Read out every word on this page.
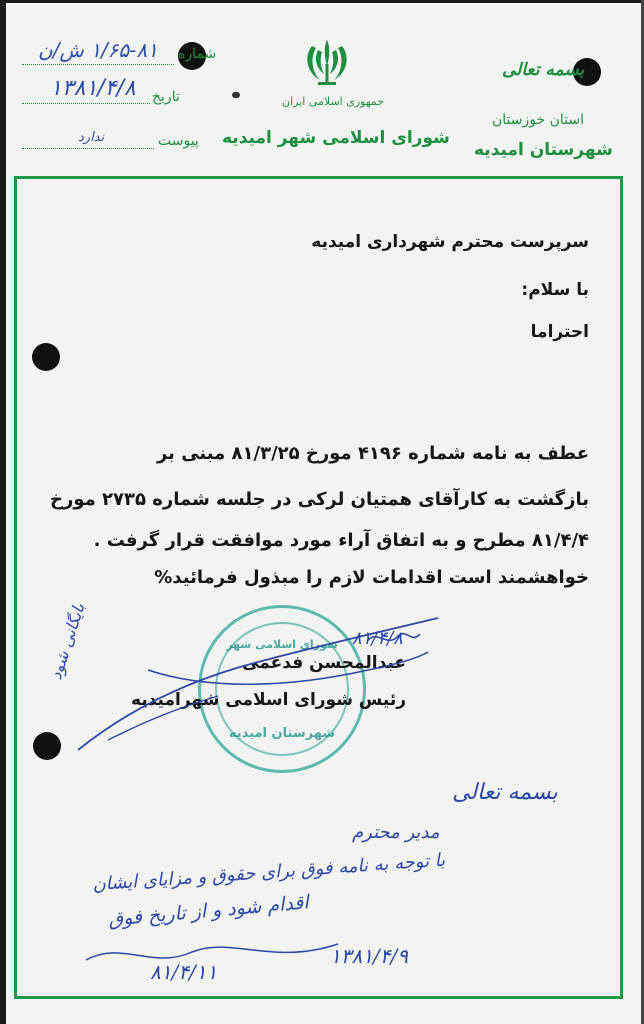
شماره
۱/۶۵-۸۱ ش/ن
تاریخ
۱۳۸۱/۴/۸
پیوست
ندارد
جمهوری اسلامی ایران
شورای اسلامی شهر امیدیه
بسمه تعالی
استان خوزستان
شهرستان امیدیه
سرپرست محترم شهرداری امیدیه
با سلام:
احتراما
عطف به نامه شماره ۴۱۹۶ مورخ ۸۱/۳/۲۵ مبنی بر
بازگشت به کارآقای همتیان لرکی در جلسه شماره ۲۷۳۵ مورخ
۸۱/۴/۴ مطرح و به اتفاق آراء مورد موافقت قرار گرفت .
خواهشمند است اقدامات لازم را مبذول فرمائید%
شورای اسلامی شهر
شهرستان امیدیه
عبدالمحسن فدعمی
رئیس شورای اسلامی شهرامیدیه
۸۱/۴/۸
بایگانی شود
بسمه تعالی
مدیر محترم
با توجه به نامه فوق برای حقوق و مزایای ایشان
اقدام شود و از تاریخ فوق
۱۳۸۱/۴/۹
۸۱/۴/۱۱
